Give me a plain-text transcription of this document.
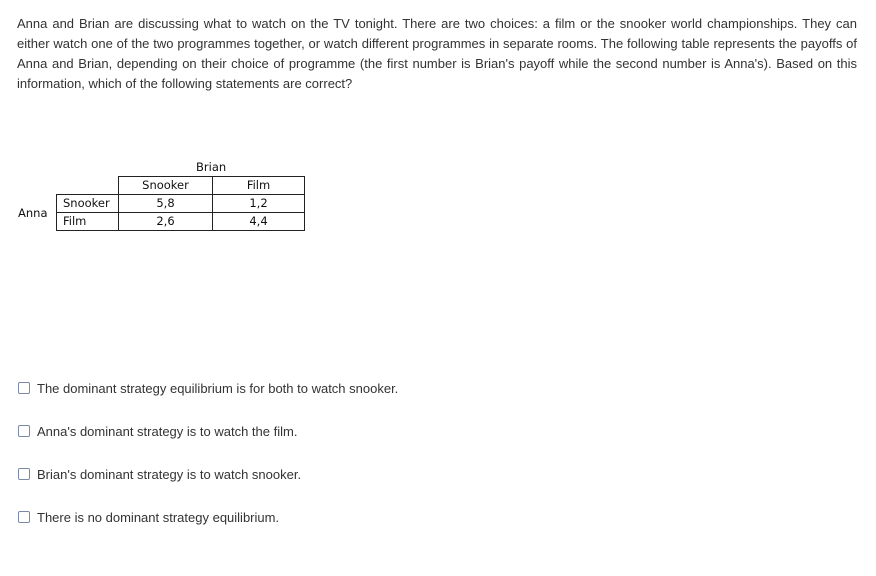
Anna and Brian are discussing what to watch on the TV tonight. There are two choices: a film or the snooker world championships. They can either watch one of the two programmes together, or watch different programmes in separate rooms. The following table represents the payoffs of Anna and Brian, depending on their choice of programme (the first number is Brian's payoff while the second number is Anna's). Based on this information, which of the following statements are correct?

Brian
Anna
	Snooker	Film
Snooker	5,8	1,2
Film	2,6	4,4
The dominant strategy equilibrium is for both to watch snooker.
Anna's dominant strategy is to watch the film.
Brian's dominant strategy is to watch snooker.
There is no dominant strategy equilibrium.
